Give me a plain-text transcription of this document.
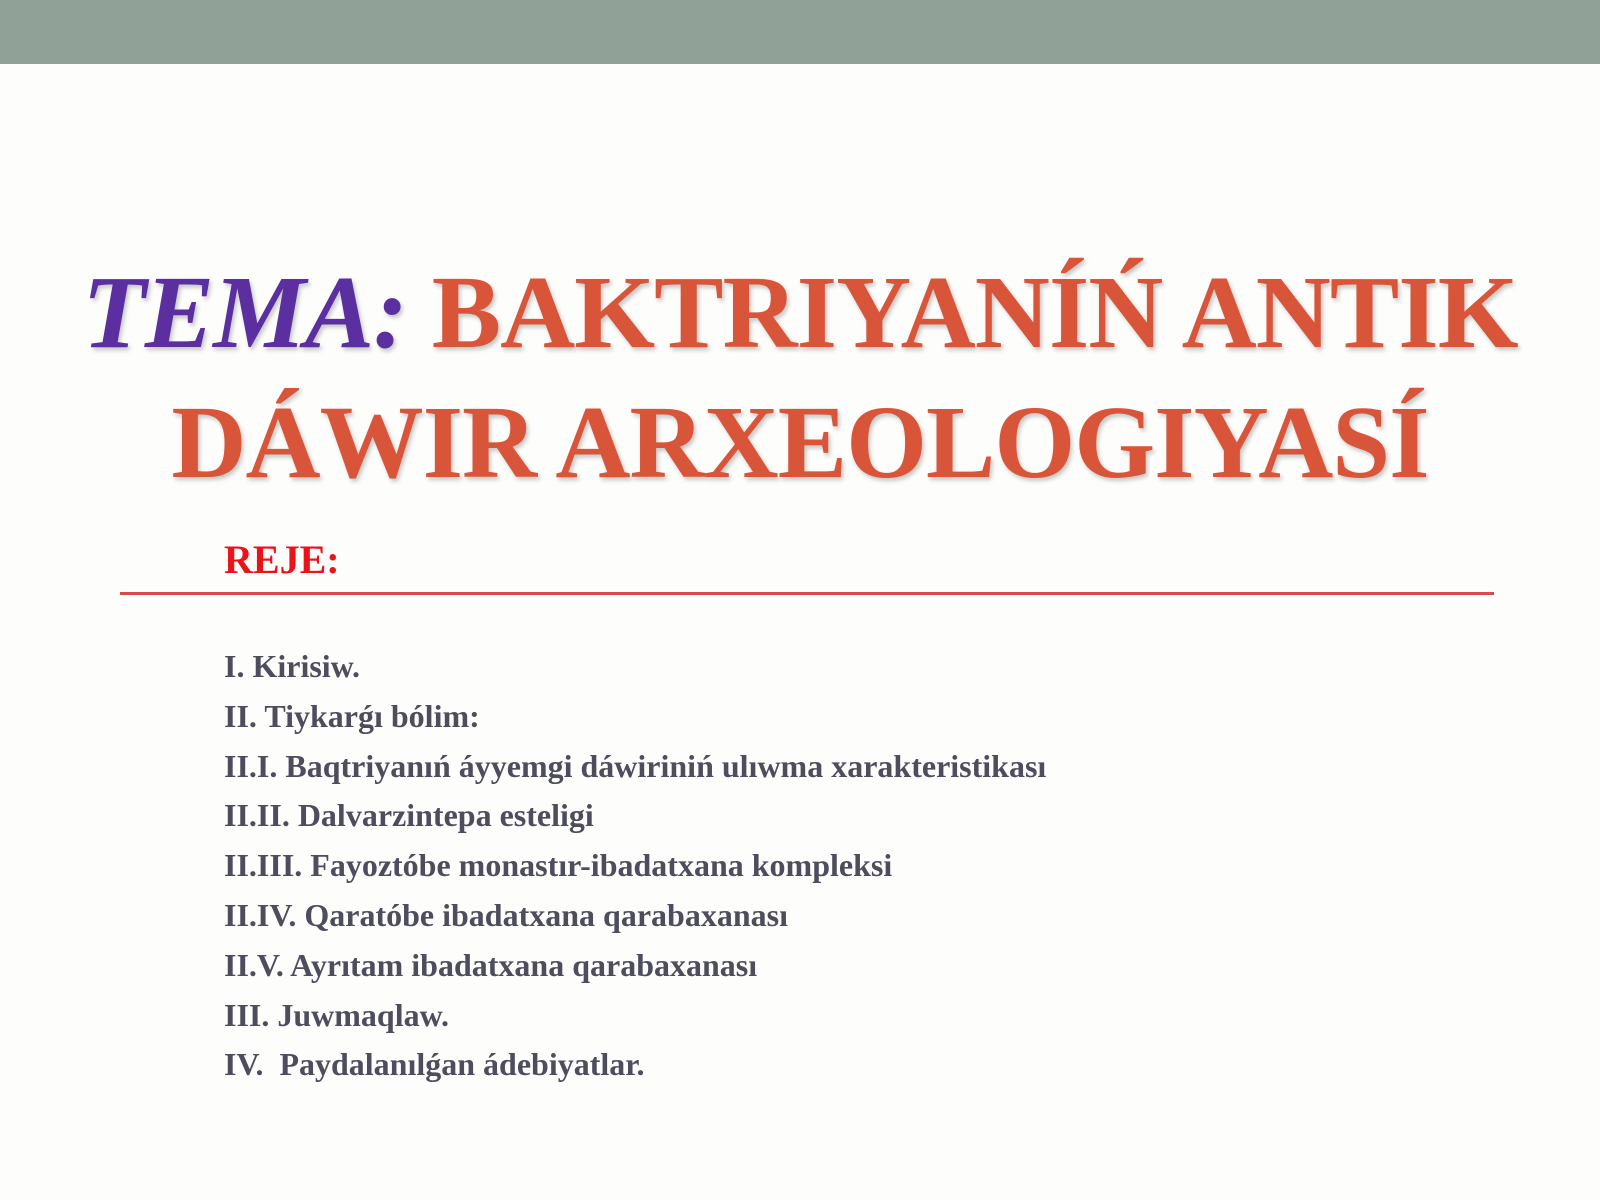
TEMA: BAKTRIYANÍŃ ANTIK
DÁWIR ARXEOLOGIYASÍ
REJE:
I. Kirisiw.
II. Tiykarǵı bólim:
II.I. Baqtriyanıń áyyemgi dáwiriniń ulıwma xarakteristikası
II.II. Dalvarzintepa esteligi
II.III. Fayoztóbe monastır-ibadatxana kompleksi
II.IV. Qaratóbe ibadatxana qarabaxanası
II.V. Ayrıtam ibadatxana qarabaxanası
III. Juwmaqlaw.
IV.  Paydalanılǵan ádebiyatlar.
